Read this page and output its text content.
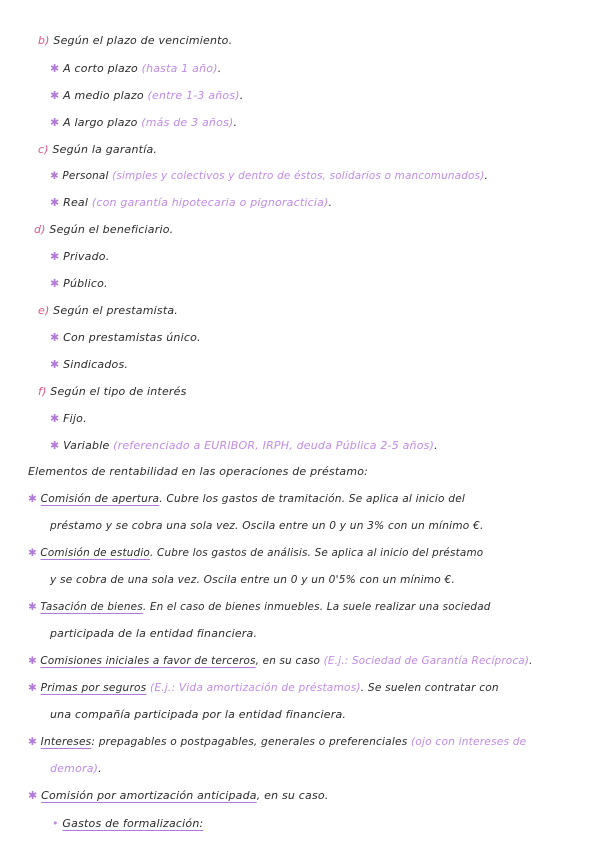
b) Según el plazo de vencimiento.
✱ A corto plazo (hasta 1 año).
✱ A medio plazo (entre 1-3 años).
✱ A largo plazo (más de 3 años).
c) Según la garantía.
✱ Personal (simples y colectivos y dentro de éstos, solidarios o mancomunados).
✱ Real (con garantía hipotecaria o pignoracticia).
d) Según el beneficiario.
✱ Privado.
✱ Público.
e) Según el prestamista.
✱ Con prestamistas único.
✱ Sindicados.
f) Según el tipo de interés
✱ Fijo.
✱ Variable (referenciado a EURIBOR, IRPH, deuda Pública 2-5 años).
Elementos de rentabilidad en las operaciones de préstamo:
✱ Comisión de apertura. Cubre los gastos de tramitación. Se aplica al inicio del
préstamo y se cobra una sola vez. Oscila entre un 0 y un 3% con un mínimo €.
✱ Comisión de estudio. Cubre los gastos de análisis. Se aplica al inicio del préstamo
y se cobra de una sola vez. Oscila entre un 0 y un 0'5% con un mínimo €.
✱ Tasación de bienes. En el caso de bienes inmuebles. La suele realizar una sociedad
participada de la entidad financiera.
✱ Comisiones iniciales a favor de terceros, en su caso (E.j.: Sociedad de Garantía Recíproca).
✱ Primas por seguros (E.j.: Vida amortización de préstamos). Se suelen contratar con
una compañía participada por la entidad financiera.
✱ Intereses: prepagables o postpagables, generales o preferenciales (ojo con intereses de
demora).
✱ Comisión por amortización anticipada, en su caso.
• Gastos de formalización:
